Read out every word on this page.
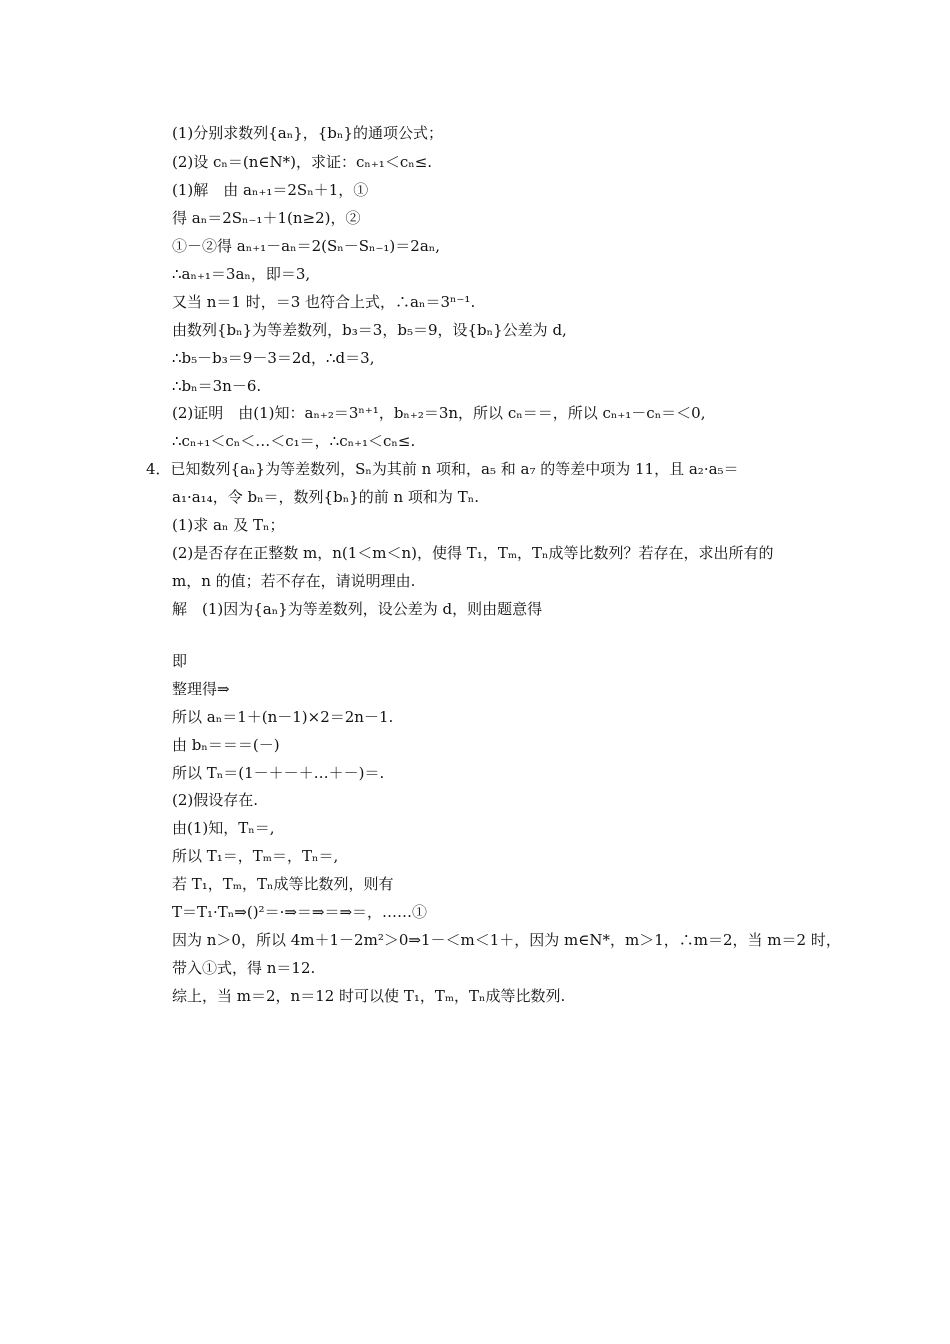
(1)分别求数列{aₙ}，{bₙ}的通项公式；
(2)设 cₙ＝(n∈N*)，求证：cₙ₊₁＜cₙ≤.
(1)解　由 aₙ₊₁＝2Sₙ＋1，①
得 aₙ＝2Sₙ₋₁＋1(n≥2)，②
①－②得 aₙ₊₁－aₙ＝2(Sₙ－Sₙ₋₁)＝2aₙ,
∴aₙ₊₁＝3aₙ，即＝3,
又当 n＝1 时，＝3 也符合上式，∴aₙ＝3ⁿ⁻¹.
由数列{bₙ}为等差数列，b₃＝3，b₅＝9，设{bₙ}公差为 d,
∴b₅－b₃＝9－3＝2d，∴d＝3,
∴bₙ＝3n－6.
(2)证明　由(1)知：aₙ₊₂＝3ⁿ⁺¹，bₙ₊₂＝3n，所以 cₙ＝＝，所以 cₙ₊₁－cₙ＝＜0,
∴cₙ₊₁＜cₙ＜…＜c₁＝，∴cₙ₊₁＜cₙ≤.
4．已知数列{aₙ}为等差数列，Sₙ为其前 n 项和，a₅ 和 a₇ 的等差中项为 11，且 a₂·a₅＝
a₁·a₁₄，令 bₙ＝，数列{bₙ}的前 n 项和为 Tₙ.
(1)求 aₙ 及 Tₙ；
(2)是否存在正整数 m，n(1＜m＜n)，使得 T₁，Tₘ，Tₙ成等比数列？若存在，求出所有的
m，n 的值；若不存在，请说明理由.
解　(1)因为{aₙ}为等差数列，设公差为 d，则由题意得
即
整理得⇒
所以 aₙ＝1＋(n－1)×2＝2n－1.
由 bₙ＝＝＝(－)
所以 Tₙ＝(1－＋－＋…＋－)＝.
(2)假设存在.
由(1)知，Tₙ＝,
所以 T₁＝，Tₘ＝，Tₙ＝,
若 T₁，Tₘ，Tₙ成等比数列，则有
T＝T₁·Tₙ⇒()²＝·⇒＝⇒＝⇒＝，……①
因为 n＞0，所以 4m＋1－2m²＞0⇒1－＜m＜1＋，因为 m∈N*，m＞1，∴m＝2，当 m＝2 时，
带入①式，得 n＝12.
综上，当 m＝2，n＝12 时可以使 T₁，Tₘ，Tₙ成等比数列.
